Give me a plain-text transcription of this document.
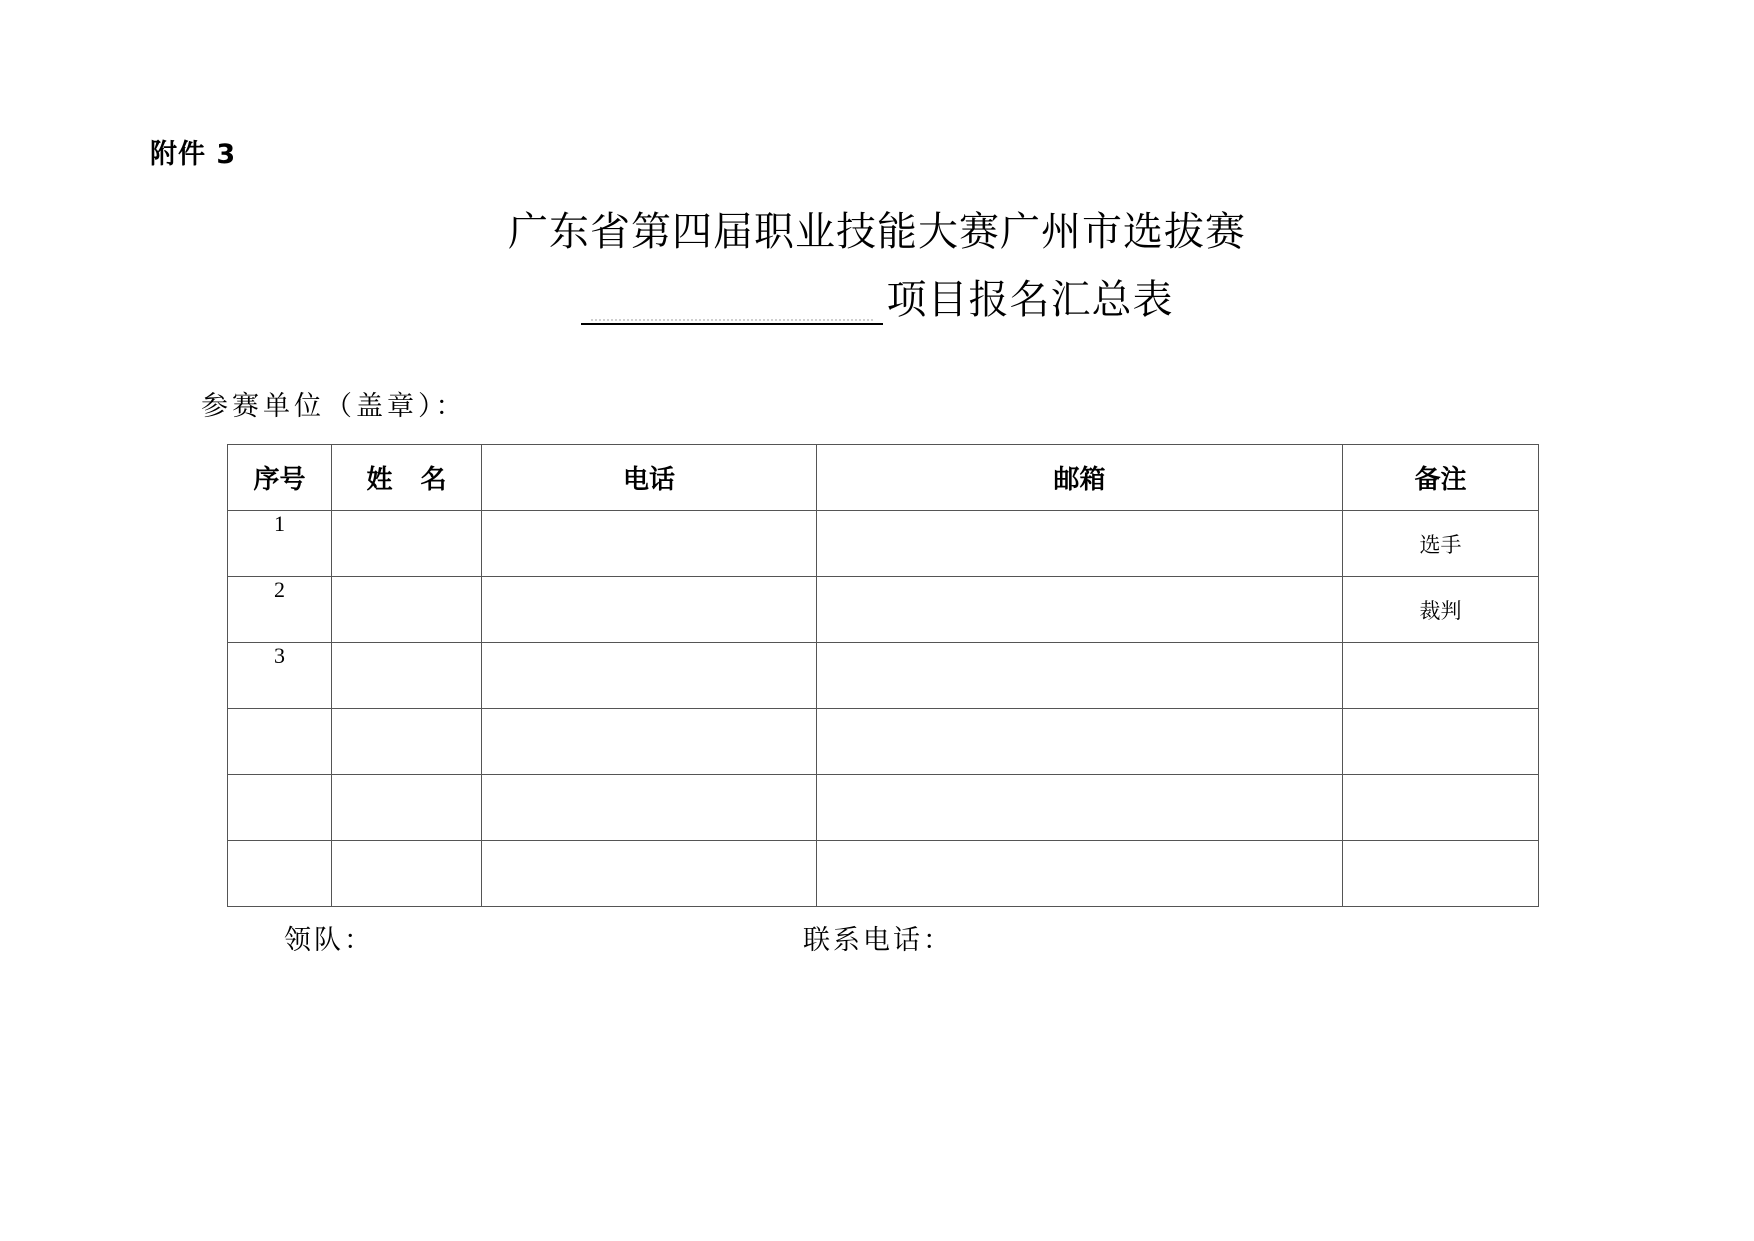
附件 3
广东省第四届职业技能大赛广州市选拔赛
项目报名汇总表
参赛单位（盖章）：
序号	姓名	电话	邮箱	备注
1				选手
2				裁判
3				

领队：	联系电话：
